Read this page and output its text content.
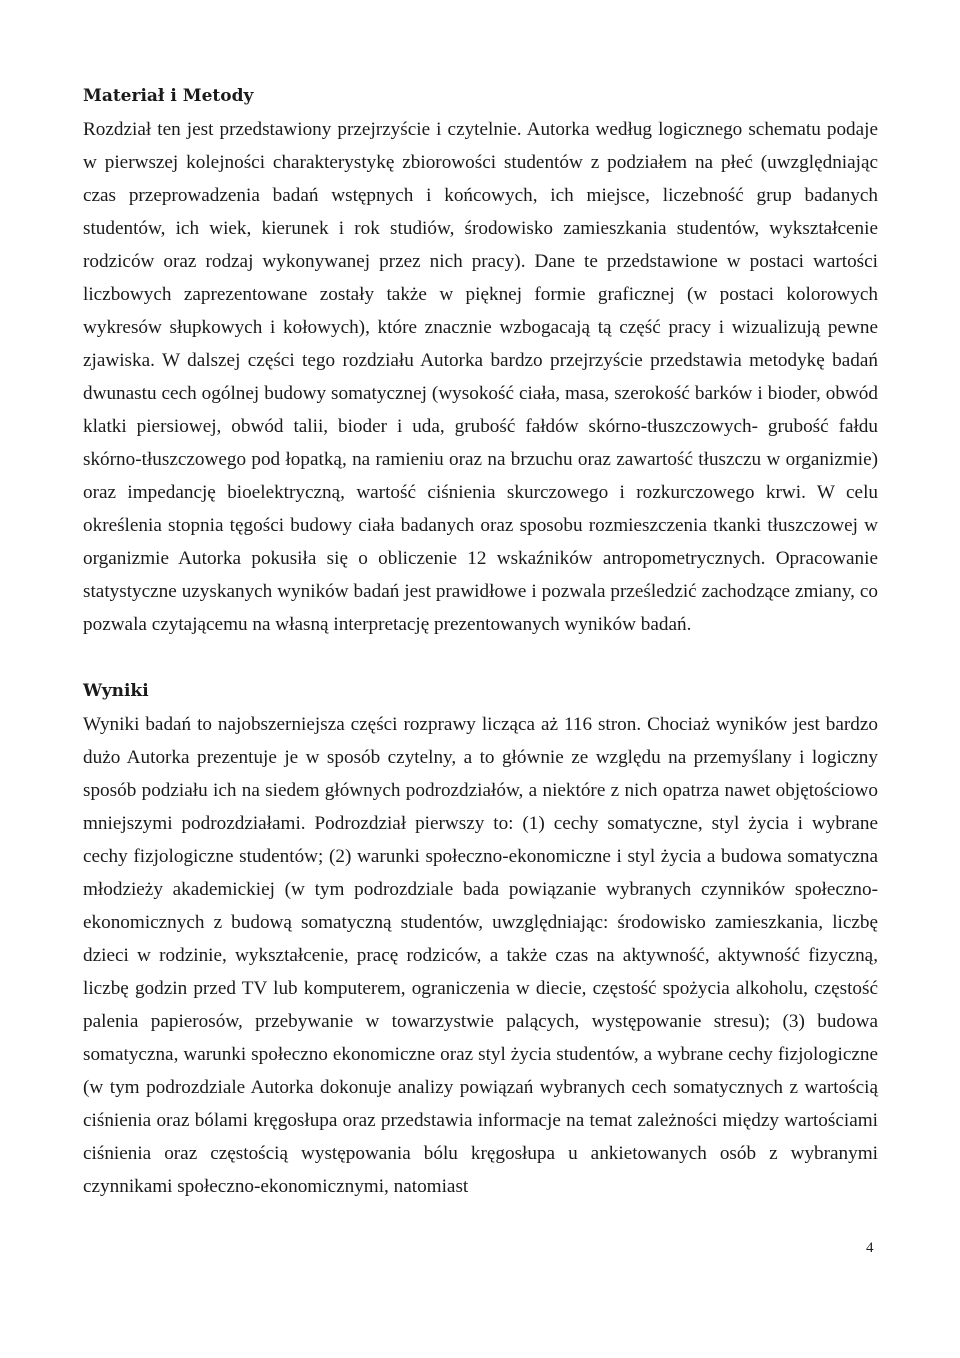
Materiał i Metody

Rozdział ten jest przedstawiony przejrzyście i czytelnie. Autorka według logicznego schematu podaje w pierwszej kolejności charakterystykę zbiorowości studentów z podziałem na płeć (uwzględniając czas przeprowadzenia badań wstępnych i końcowych, ich miejsce, liczebność grup badanych studentów, ich wiek, kierunek i rok studiów, środowisko zamieszkania studentów, wykształcenie rodziców oraz rodzaj wykonywanej przez nich pracy). Dane te przedstawione w postaci wartości liczbowych zaprezentowane zostały także w pięknej formie graficznej (w postaci kolorowych wykresów słupkowych i kołowych), które znacznie wzbogacają tą część pracy i wizualizują pewne zjawiska. W dalszej części tego rozdziału Autorka bardzo przejrzyście przedstawia metodykę badań dwunastu cech ogólnej budowy somatycznej (wysokość ciała, masa, szerokość barków i bioder, obwód klatki piersiowej, obwód talii, bioder i uda, grubość fałdów skórno-tłuszczowych- grubość fałdu skórno-tłuszczowego pod łopatką, na ramieniu oraz na brzuchu oraz zawartość tłuszczu w organizmie) oraz impedancję bioelektryczną, wartość ciśnienia skurczowego i rozkurczowego krwi. W celu określenia stopnia tęgości budowy ciała badanych oraz sposobu rozmieszczenia tkanki tłuszczowej w organizmie Autorka pokusiła się o obliczenie 12 wskaźników antropometrycznych. Opracowanie statystyczne uzyskanych wyników badań jest prawidłowe i pozwala prześledzić zachodzące zmiany, co pozwala czytającemu na własną interpretację prezentowanych wyników badań.

Wyniki

Wyniki badań to najobszerniejsza części rozprawy licząca aż 116 stron. Chociaż wyników jest bardzo dużo Autorka prezentuje je w sposób czytelny, a to głównie ze względu na przemyślany i logiczny sposób podziału ich na siedem głównych podrozdziałów, a niektóre z nich opatrza nawet objętościowo mniejszymi podrozdziałami. Podrozdział pierwszy to: (1) cechy somatyczne, styl życia i wybrane cechy fizjologiczne studentów; (2) warunki społeczno-ekonomiczne i styl życia a budowa somatyczna młodzieży akademickiej (w tym podrozdziale bada powiązanie wybranych czynników społeczno-ekonomicznych z budową somatyczną studentów, uwzględniając: środowisko zamieszkania, liczbę dzieci w rodzinie, wykształcenie, pracę rodziców, a także czas na aktywność, aktywność fizyczną, liczbę godzin przed TV lub komputerem, ograniczenia w diecie, częstość spożycia alkoholu, częstość palenia papierosów, przebywanie w towarzystwie palących, występowanie stresu); (3) budowa somatyczna, warunki społeczno ekonomiczne oraz styl życia studentów, a wybrane cechy fizjologiczne (w tym podrozdziale Autorka dokonuje analizy powiązań wybranych cech somatycznych z wartością ciśnienia oraz bólami kręgosłupa oraz przedstawia informacje na temat zależności między wartościami ciśnienia oraz częstością występowania bólu kręgosłupa u ankietowanych osób z wybranymi czynnikami społeczno-ekonomicznymi, natomiast

4
